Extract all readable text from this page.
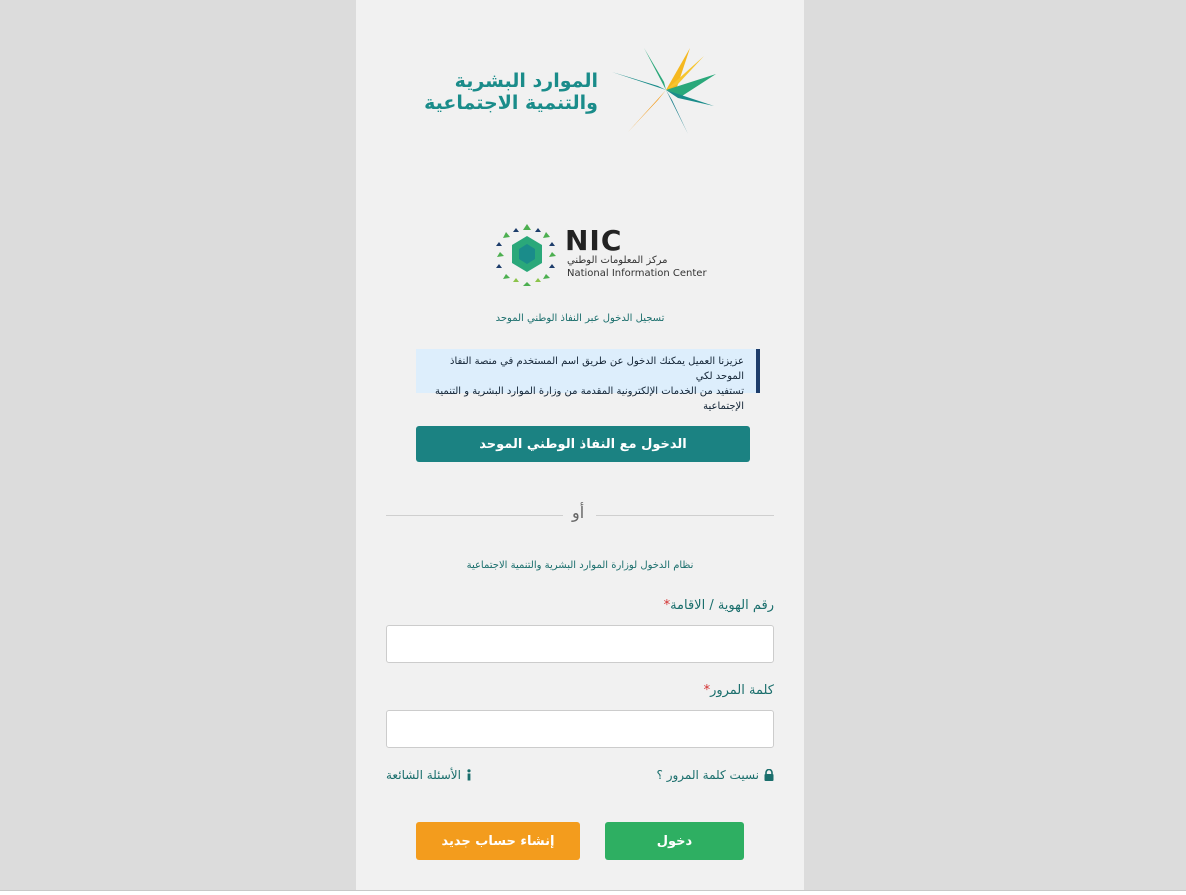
الموارد البشرية
والتنمية الاجتماعية
NIC
مركز المعلومات الوطني
National Information Center
تسجيل الدخول عبر النفاذ الوطني الموحد
عزيزنا العميل يمكنك الدخول عن طريق اسم المستخدم في منصة النفاذ الموحد لكي
تستفيد من الخدمات الإلكترونية المقدمة من وزارة الموارد البشرية و التنمية الإجتماعية
الدخول مع النفاذ الوطني الموحد
أو
نظام الدخول لوزارة الموارد البشرية والتنمية الاجتماعية
رقم الهوية / الاقامة*
كلمة المرور*
نسيت كلمة المرور ؟
الأسئلة الشائعة
دخول
إنشاء حساب جديد
